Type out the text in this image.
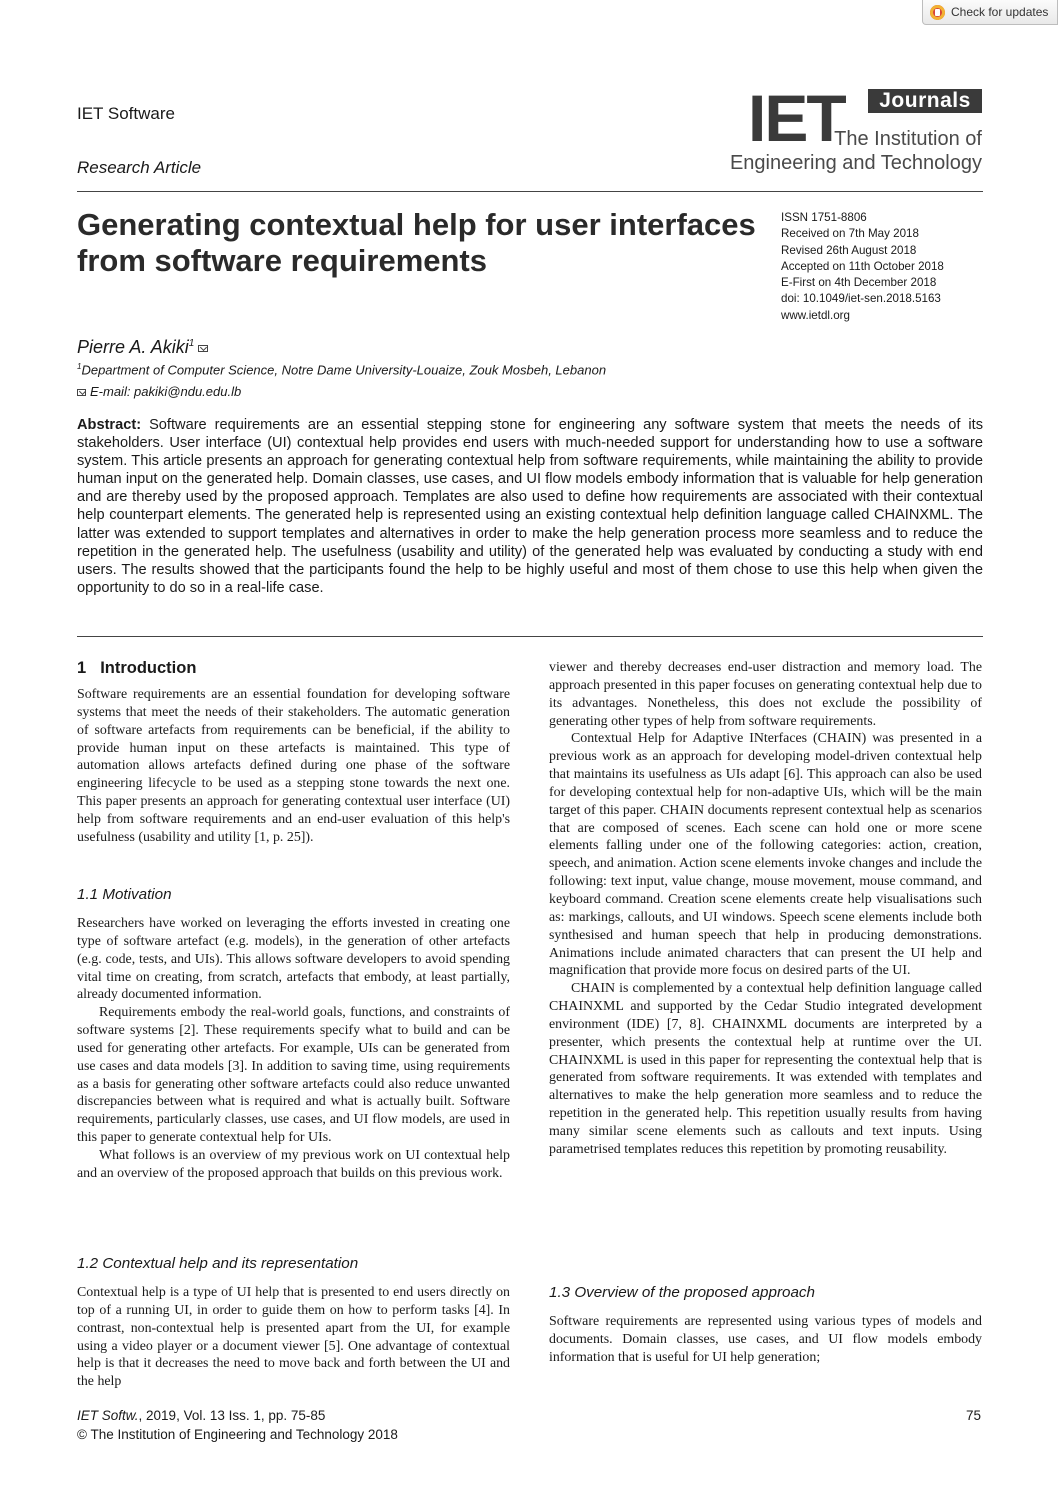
Check for updates
IET Software
Research Article
IET	Journals
The Institution of
Engineering and Technology
Generating contextual help for user interfaces from software requirements
ISSN 1751-8806
Received on 7th May 2018
Revised 26th August 2018
Accepted on 11th October 2018
E-First on 4th December 2018
doi: 10.1049/iet-sen.2018.5163
www.ietdl.org
Pierre A. Akiki$^1$
$^1$Department of Computer Science, Notre Dame University-Louaize, Zouk Mosbeh, Lebanon
E-mail: pakiki@ndu.edu.lb

Abstract: Software requirements are an essential stepping stone for engineering any software system that meets the needs of its stakeholders. User interface (UI) contextual help provides end users with much-needed support for understanding how to use a software system. This article presents an approach for generating contextual help from software requirements, while maintaining the ability to provide human input on the generated help. Domain classes, use cases, and UI flow models embody information that is valuable for help generation and are thereby used by the proposed approach. Templates are also used to define how requirements are associated with their contextual help counterpart elements. The generated help is represented using an existing contextual help definition language called CHAINXML. The latter was extended to support templates and alternatives in order to make the help generation process more seamless and to reduce the repetition in the generated help. The usefulness (usability and utility) of the generated help was evaluated by conducting a study with end users. The results showed that the participants found the help to be highly useful and most of them chose to use this help when given the opportunity to do so in a real-life case.

1 Introduction

Software requirements are an essential foundation for developing software systems that meet the needs of their stakeholders. The automatic generation of software artefacts from requirements can be beneficial, if the ability to provide human input on these artefacts is maintained. This type of automation allows artefacts defined during one phase of the software engineering lifecycle to be used as a stepping stone towards the next one. This paper presents an approach for generating contextual user interface (UI) help from software requirements and an end-user evaluation of this help's usefulness (usability and utility [1, p. 25]).

1.1 Motivation

Researchers have worked on leveraging the efforts invested in creating one type of software artefact (e.g. models), in the generation of other artefacts (e.g. code, tests, and UIs). This allows software developers to avoid spending vital time on creating, from scratch, artefacts that embody, at least partially, already documented information.

Requirements embody the real-world goals, functions, and constraints of software systems [2]. These requirements specify what to build and can be used for generating other artefacts. For example, UIs can be generated from use cases and data models [3]. In addition to saving time, using requirements as a basis for generating other software artefacts could also reduce unwanted discrepancies between what is required and what is actually built. Software requirements, particularly classes, use cases, and UI flow models, are used in this paper to generate contextual help for UIs.

What follows is an overview of my previous work on UI contextual help and an overview of the proposed approach that builds on this previous work.

1.2 Contextual help and its representation

Contextual help is a type of UI help that is presented to end users directly on top of a running UI, in order to guide them on how to perform tasks [4]. In contrast, non-contextual help is presented apart from the UI, for example using a video player or a document viewer [5]. One advantage of contextual help is that it decreases the need to move back and forth between the UI and the help

viewer and thereby decreases end-user distraction and memory load. The approach presented in this paper focuses on generating contextual help due to its advantages. Nonetheless, this does not exclude the possibility of generating other types of help from software requirements.

Contextual Help for Adaptive INterfaces (CHAIN) was presented in a previous work as an approach for developing model-driven contextual help that maintains its usefulness as UIs adapt [6]. This approach can also be used for developing contextual help for non-adaptive UIs, which will be the main target of this paper. CHAIN documents represent contextual help as scenarios that are composed of scenes. Each scene can hold one or more scene elements falling under one of the following categories: action, creation, speech, and animation. Action scene elements invoke changes and include the following: text input, value change, mouse movement, mouse command, and keyboard command. Creation scene elements create help visualisations such as: markings, callouts, and UI windows. Speech scene elements include both synthesised and human speech that help in producing demonstrations. Animations include animated characters that can present the UI help and magnification that provide more focus on desired parts of the UI.

CHAIN is complemented by a contextual help definition language called CHAINXML and supported by the Cedar Studio integrated development environment (IDE) [7, 8]. CHAINXML documents are interpreted by a presenter, which presents the contextual help at runtime over the UI. CHAINXML is used in this paper for representing the contextual help that is generated from software requirements. It was extended with templates and alternatives to make the help generation more seamless and to reduce the repetition in the generated help. This repetition usually results from having many similar scene elements such as callouts and text inputs. Using parametrised templates reduces this repetition by promoting reusability.

1.3 Overview of the proposed approach

Software requirements are represented using various types of models and documents. Domain classes, use cases, and UI flow models embody information that is useful for UI help generation;

IET Softw., 2019, Vol. 13 Iss. 1, pp. 75-85
© The Institution of Engineering and Technology 2018
75
